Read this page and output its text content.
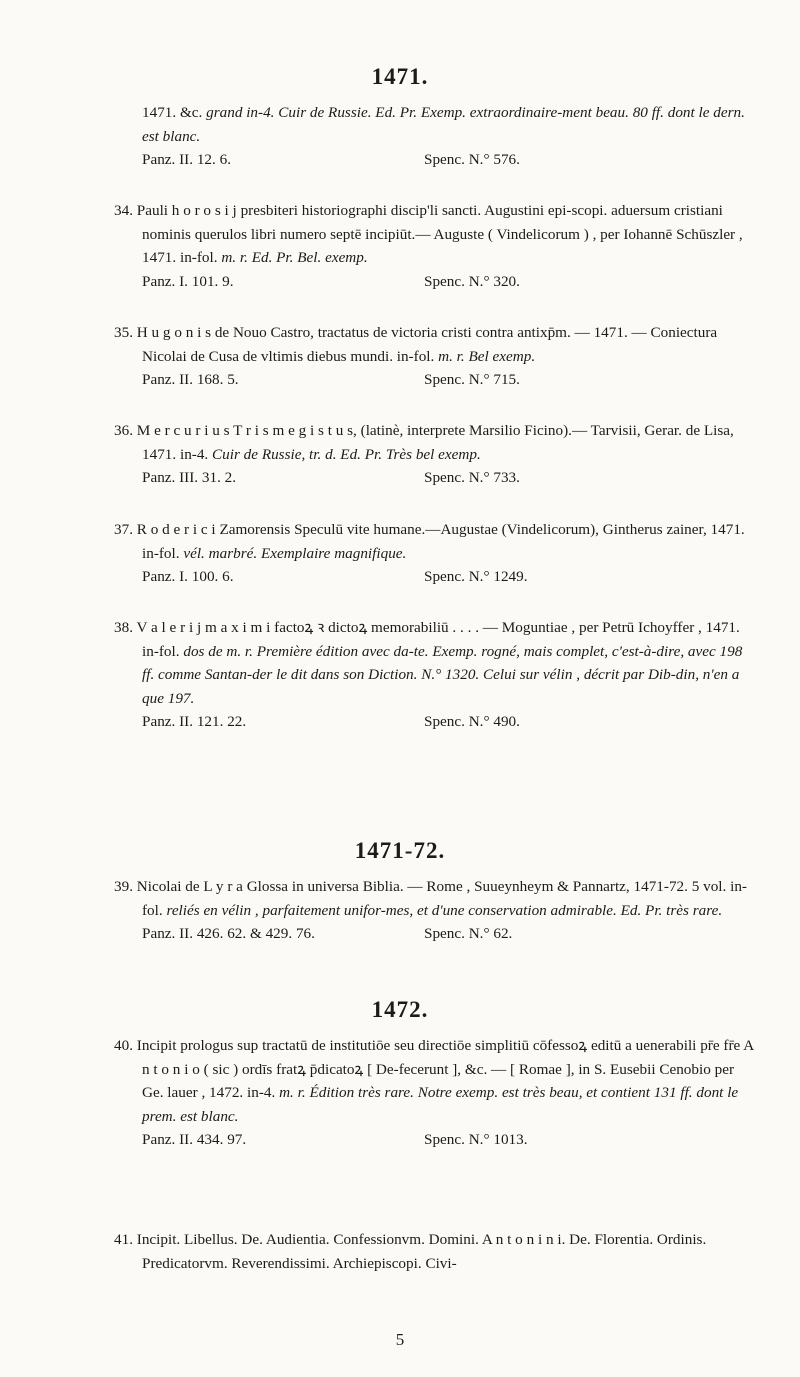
1471.

1471. &c. grand in-4. Cuir de Russie. Ed. Pr. Exemp. extraordinaire-ment beau. 80 ff. dont le dern. est blanc.

Panz. II. 12. 6.	Spenc. N.° 576.

34. Pauli h o r o s i j presbiteri historiographi discip'li sancti. Augustini epi-scopi. aduersum cristiani nominis querulos libri numero septē incipiūt.— Auguste ( Vindelicorum ) , per Iohannē Schūszler , 1471. in-fol. m. r. Ed. Pr. Bel. exemp.

Panz. I. 101. 9.	Spenc. N.° 320.

35. H u g o n i s de Nouo Castro, tractatus de victoria cristi contra antixp̄m. — 1471. — Coniectura Nicolai de Cusa de vltimis diebus mundi. in-fol. m. r. Bel exemp.

Panz. II. 168. 5.	Spenc. N.° 715.

36. M e r c u r i u s T r i s m e g i s t u s, (latinè, interprete Marsilio Ficino).— Tarvisii, Gerar. de Lisa, 1471. in-4. Cuir de Russie, tr. d. Ed. Pr. Très bel exemp.

Panz. III. 31. 2.	Spenc. N.° 733.

37. R o d e r i c i Zamorensis Speculū vite humane.—Augustae (Vindelicorum), Gintherus zainer, 1471. in-fol. vél. marbré. Exemplaire magnifique.

Panz. I. 100. 6.	Spenc. N.° 1249.

38. V a l e r i j m a x i m i factoꝝ ꝛ dictoꝝ memorabiliū . . . . — Moguntiae , per Petrū Ichoyffer , 1471. in-fol. dos de m. r. Première édition avec da-te. Exemp. rogné, mais complet, c'est-à-dire, avec 198 ff. comme Santan-der le dit dans son Diction. N.° 1320. Celui sur vélin , décrit par Dib-din, n'en a que 197.

Panz. II. 121. 22.	Spenc. N.° 490.
1471-72.

39. Nicolai de L y r a Glossa in universa Biblia. — Rome , Suueynheym & Pannartz, 1471-72. 5 vol. in-fol. reliés en vélin , parfaitement unifor-mes, et d'une conservation admirable. Ed. Pr. très rare.

Panz. II. 426. 62. & 429. 76.	Spenc. N.° 62.
1472.

40. Incipit prologus sup tractatū de institutiōe seu directiōe simplitiū cōfessoꝝ editū a uenerabili pr̄e fr̄e A n t o n i o ( sic ) ordīs fratꝝ p̄dicatoꝝ [ De-fecerunt ], &c. — [ Romae ], in S. Eusebii Cenobio per Ge. lauer , 1472. in-4. m. r. Édition très rare. Notre exemp. est très beau, et contient 131 ff. dont le prem. est blanc.

Panz. II. 434. 97.	Spenc. N.° 1013.

41. Incipit. Libellus. De. Audientia. Confessionvm. Domini. A n t o n i n i. De. Florentia. Ordinis. Predicatorvm. Reverendissimi. Archiepiscopi. Civi-

5
